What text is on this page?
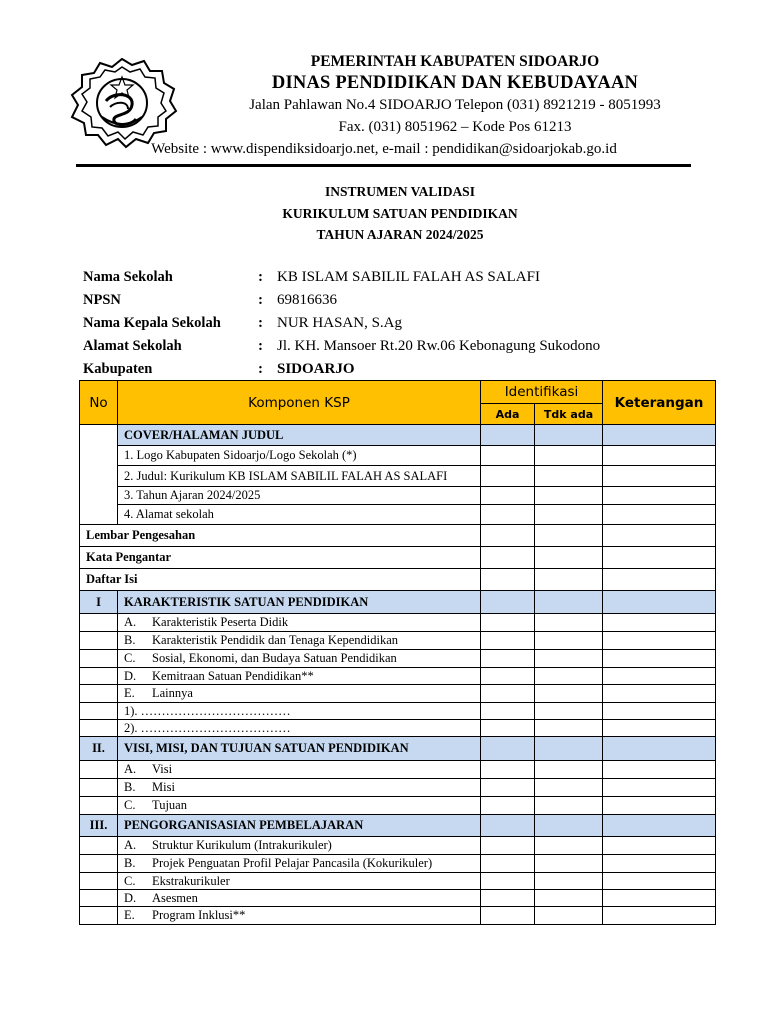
PEMERINTAH KABUPATEN SIDOARJO
DINAS PENDIDIKAN DAN KEBUDAYAAN
Jalan Pahlawan No.4 SIDOARJO Telepon (031) 8921219 - 8051993
Fax. (031) 8051962 – Kode Pos 61213
Website : www.dispendiksidoarjo.net, e-mail : pendidikan@sidoarjokab.go.id
INSTRUMEN VALIDASI
KURIKULUM SATUAN PENDIDIKAN
TAHUN AJARAN 2024/2025
Nama Sekolah	: KB ISLAM SABILIL FALAH AS SALAFI
NPSN	: 69816636
Nama Kepala Sekolah	: NUR HASAN, S.Ag
Alamat Sekolah	: Jl. KH. Mansoer Rt.20 Rw.06 Kebonagung Sukodono
Kabupaten	: SIDOARJO
No	Komponen KSP	Identifikasi		Keterangan
		Ada	Tdk ada	
	COVER/HALAMAN JUDUL			
	1. Logo Kabupaten Sidoarjo/Logo Sekolah (*)			
	2. Judul: Kurikulum KB ISLAM SABILIL FALAH AS SALAFI			
	3. Tahun Ajaran 2024/2025			
	4. Alamat sekolah			
Lembar Pengesahan				
Kata Pengantar				
Daftar Isi				
I	KARAKTERISTIK SATUAN PENDIDIKAN			
	A. Karakteristik Peserta Didik			
	B. Karakteristik Pendidik dan Tenaga Kependidikan			
	C. Sosial, Ekonomi, dan Budaya Satuan Pendidikan			
	D. Kemitraan Satuan Pendidikan**			
	E. Lainnya			
	1). ………………………………			
	2). ………………………………			
II.	VISI, MISI, DAN TUJUAN SATUAN PENDIDIKAN			
	A. Visi			
	B. Misi			
	C. Tujuan			
III.	PENGORGANISASIAN PEMBELAJARAN			
	A. Struktur Kurikulum (Intrakurikuler)			
	B. Projek Penguatan Profil Pelajar Pancasila (Kokurikuler)			
	C. Ekstrakurikuler			
	D. Asesmen			
	E. Program Inklusi**			
